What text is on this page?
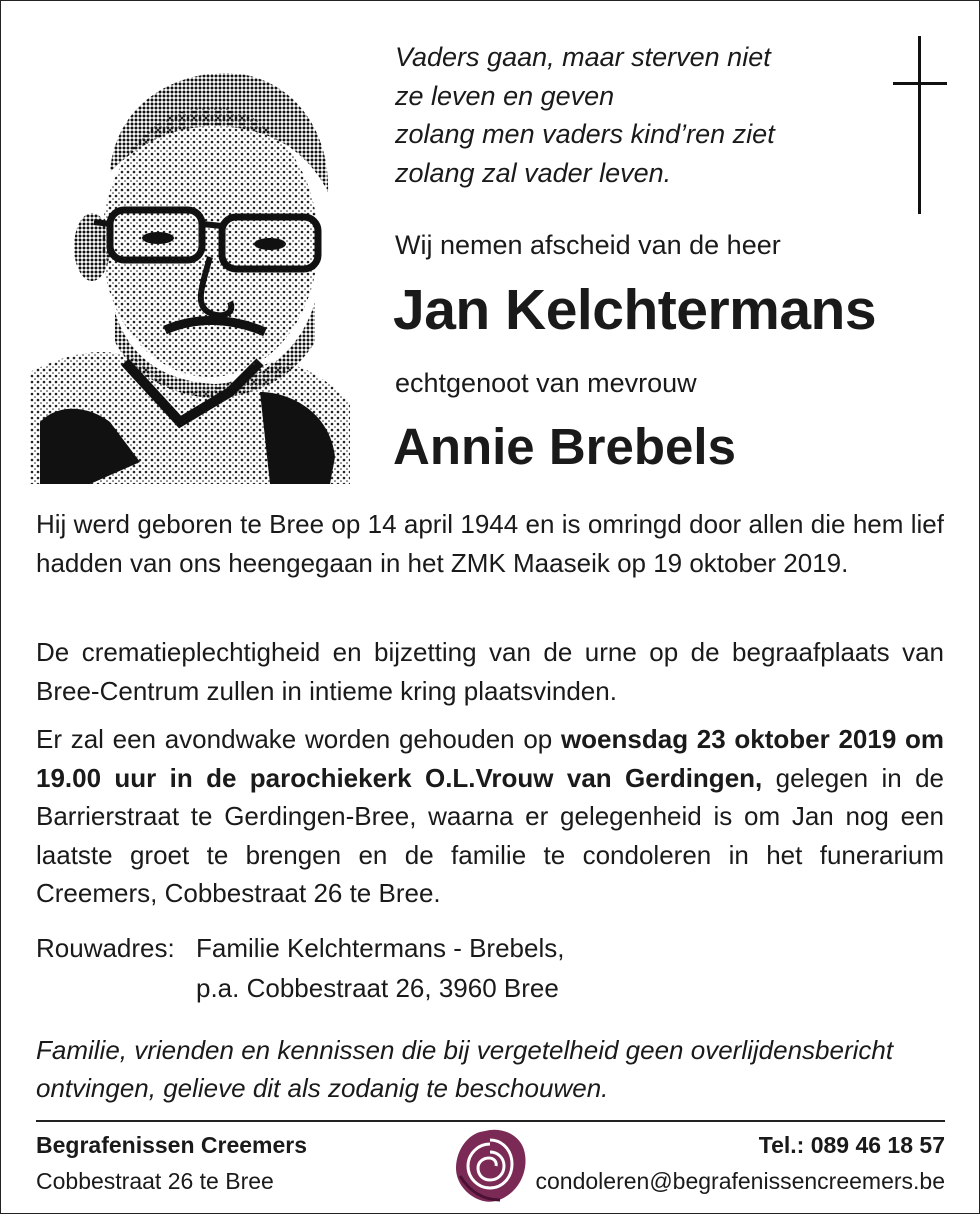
Vaders gaan, maar sterven niet
ze leven en geven
zolang men vaders kind’ren ziet
zolang zal vader leven.
Wij nemen afscheid van de heer
Jan Kelchtermans
echtgenoot van mevrouw
Annie Brebels
Hij werd geboren te Bree op 14 april 1944 en is omringd door allen die hem lief hadden van ons heengegaan in het ZMK Maaseik op 19 oktober 2019.
De crematieplechtigheid en bijzetting van de urne op de begraafplaats van Bree-Centrum zullen in intieme kring plaatsvinden.
Er zal een avondwake worden gehouden op woensdag 23 oktober 2019 om 19.00 uur in de parochiekerk O.L.Vrouw van Gerdingen, gelegen in de Barrierstraat te Gerdingen-Bree, waarna er gelegenheid is om Jan nog een laatste groet te brengen en de familie te condoleren in het funerarium Creemers, Cobbestraat 26 te Bree.
Rouwadres: Familie Kelchtermans - Brebels,
p.a. Cobbestraat 26, 3960 Bree
Familie, vrienden en kennissen die bij vergetelheid geen overlijdensbericht ontvingen, gelieve dit als zodanig te beschouwen.
Begrafenissen Creemers
Cobbestraat 26 te Bree
Tel.: 089 46 18 57
condoleren@begrafenissencreemers.be
